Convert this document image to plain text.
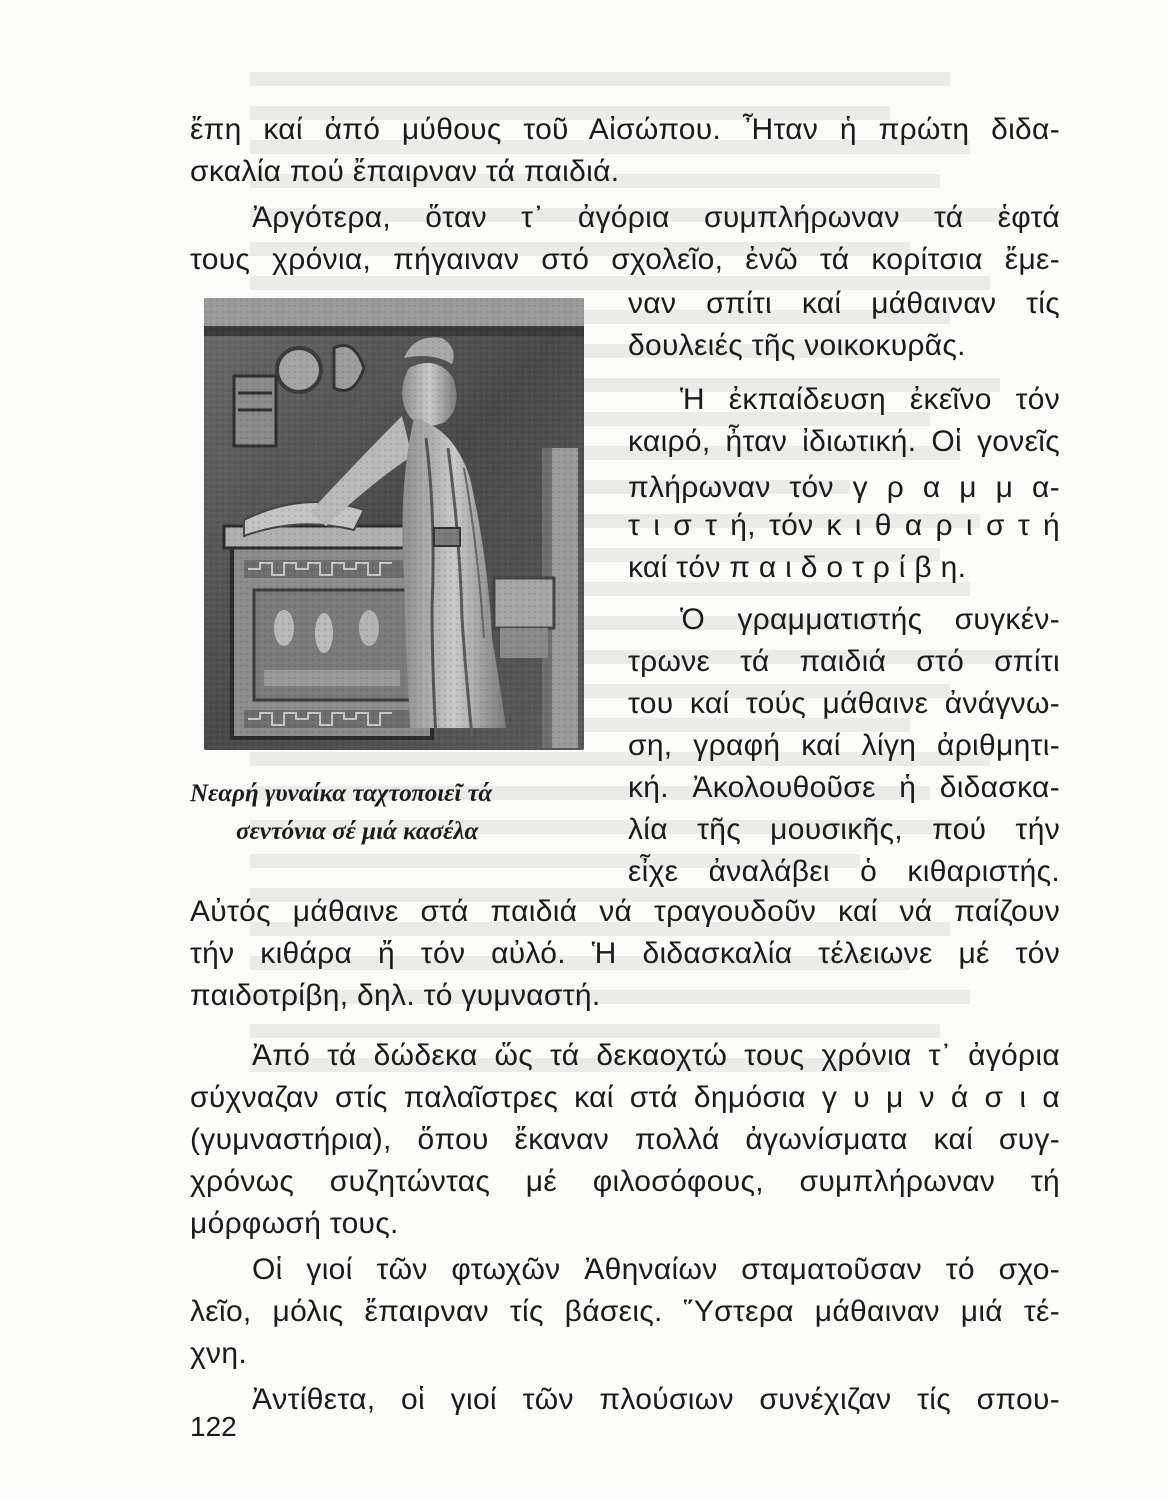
ἔπη καί ἀπό μύθους τοῦ Αἰσώπου. Ἦταν ἡ πρώτη διδα-
σκαλία πού ἔπαιρναν τά παιδιά.
Ἀργότερα, ὅταν τ᾽ ἀγόρια συμπλήρωναν τά ἑφτά
τους χρόνια, πήγαιναν στό σχολεῖο, ἐνῶ τά κορίτσια ἔμε-
ναν σπίτι καί μάθαιναν τίς
δουλειές τῆς νοικοκυρᾶς.
Ἡ ἐκπαίδευση ἐκεῖνο τόν
καιρό, ἦταν ἰδιωτική. Οἱ γονεῖς
πλήρωναν τόν γ ρ α μ μ α-
τ ι σ τ ή, τόν κ ι θ α ρ ι σ τ ή
καί τόν π α ι δ ο τ ρ ί β η.
Ὁ γραμματιστής συγκέν-
τρωνε τά παιδιά στό σπίτι
του καί τούς μάθαινε ἀνάγνω-
ση, γραφή καί λίγη ἀριθμητι-
κή. Ἀκολουθοῦσε ἡ διδασκα-
λία τῆς μουσικῆς, πού τήν
εἶχε ἀναλάβει ὁ κιθαριστής.
Νεαρή γυναίκα ταχτοποιεῖ τά
σεντόνια σέ μιά κασέλα
Αὐτός μάθαινε στά παιδιά νά τραγουδοῦν καί νά παίζουν
τήν κιθάρα ἤ τόν αὐλό. Ἡ διδασκαλία τέλειωνε μέ τόν
παιδοτρίβη, δηλ. τό γυμναστή.
Ἀπό τά δώδεκα ὥς τά δεκαοχτώ τους χρόνια τ᾽ ἀγόρια
σύχναζαν στίς παλαῖστρες καί στά δημόσια γ υ μ ν ά σ ι α
(γυμναστήρια), ὅπου ἔκαναν πολλά ἀγωνίσματα καί συγ-
χρόνως συζητώντας μέ φιλοσόφους, συμπλήρωναν τή
μόρφωσή τους.
Οἱ γιοί τῶν φτωχῶν Ἀθηναίων σταματοῦσαν τό σχο-
λεῖο, μόλις ἔπαιρναν τίς βάσεις. Ὕστερα μάθαιναν μιά τέ-
χνη.
Ἀντίθετα, οἱ γιοί τῶν πλούσιων συνέχιζαν τίς σπου-
122
